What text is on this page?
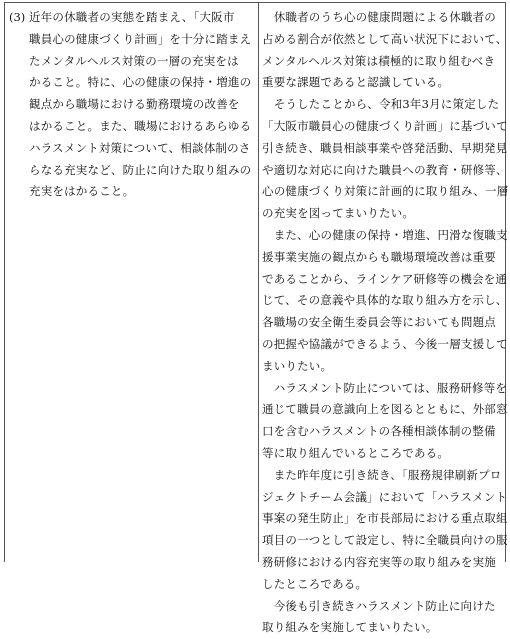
(3) 近年の休職者の実態を踏まえ、「大阪市
職員心の健康づくり計画」を十分に踏まえ
たメンタルヘルス対策の一層の充実をは
かること。特に、心の健康の保持・増進の
観点から職場における勤務環境の改善を
はかること。また、職場におけるあらゆる
ハラスメント対策について、相談体制のさ
らなる充実など、防止に向けた取り組みの
充実をはかること。
　休職者のうち心の健康問題による休職者の
占める割合が依然として高い状況下において、
メンタルヘルス対策は積極的に取り組むべき
重要な課題であると認識している。
　そうしたことから、令和3年3月に策定した
「大阪市職員心の健康づくり計画」に基づいて
引き続き、職員相談事業や啓発活動、早期発見
や適切な対応に向けた職員への教育・研修等、
心の健康づくり対策に計画的に取り組み、一層
の充実を図ってまいりたい。
　また、心の健康の保持・増進、円滑な復職支
援事業実施の観点からも職場環境改善は重要
であることから、ラインケア研修等の機会を通
じて、その意義や具体的な取り組み方を示し、
各職場の安全衛生委員会等においても問題点
の把握や協議ができるよう、今後一層支援して
まいりたい。
　ハラスメント防止については、服務研修等を
通じて職員の意識向上を図るとともに、外部窓
口を含むハラスメントの各種相談体制の整備
等に取り組んでいるところである。
　また昨年度に引き続き、「服務規律刷新プロ
ジェクトチーム会議」において「ハラスメント
事案の発生防止」を市長部局における重点取組
項目の一つとして設定し、特に全職員向けの服
務研修における内容充実等の取り組みを実施
したところである。
　今後も引き続きハラスメント防止に向けた
取り組みを実施してまいりたい。
